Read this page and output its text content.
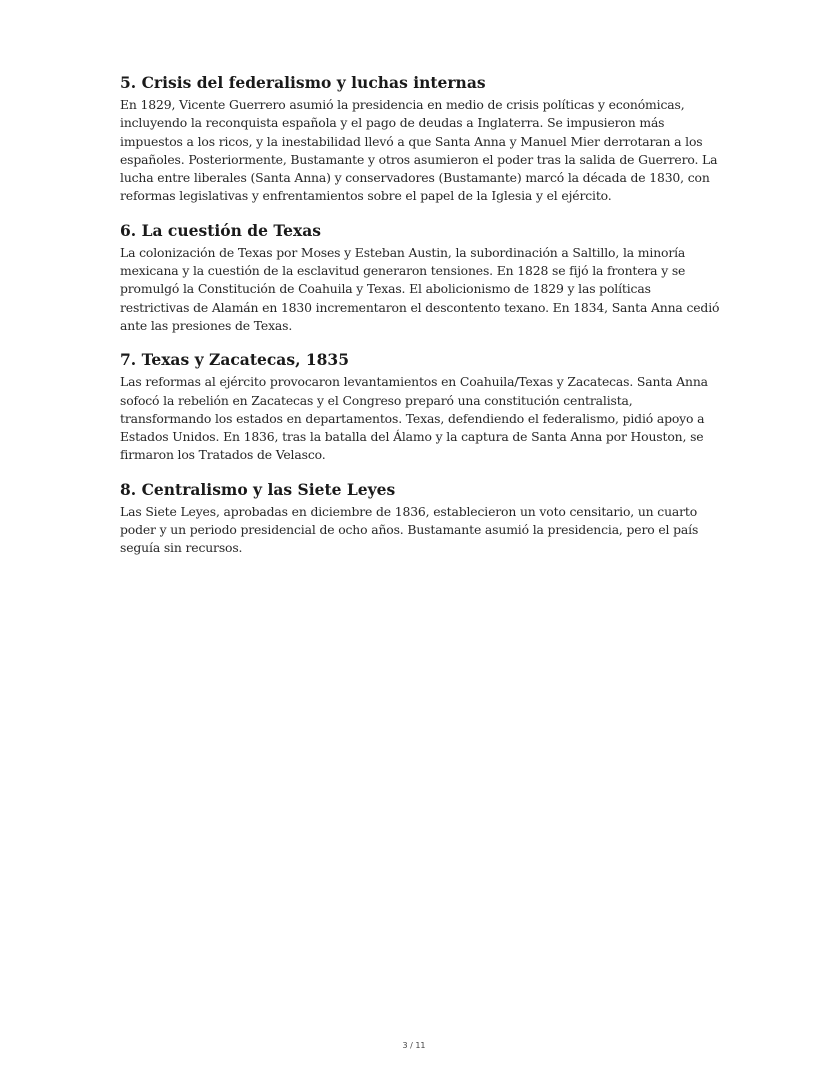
5. Crisis del federalismo y luchas internas

En 1829, Vicente Guerrero asumió la presidencia en medio de crisis políticas y económicas, incluyendo la reconquista española y el pago de deudas a Inglaterra. Se impusieron más impuestos a los ricos, y la inestabilidad llevó a que Santa Anna y Manuel Mier derrotaran a los españoles. Posteriormente, Bustamante y otros asumieron el poder tras la salida de Guerrero. La lucha entre liberales (Santa Anna) y conservadores (Bustamante) marcó la década de 1830, con reformas legislativas y enfrentamientos sobre el papel de la Iglesia y el ejército.

6. La cuestión de Texas

La colonización de Texas por Moses y Esteban Austin, la subordinación a Saltillo, la minoría mexicana y la cuestión de la esclavitud generaron tensiones. En 1828 se fijó la frontera y se promulgó la Constitución de Coahuila y Texas. El abolicionismo de 1829 y las políticas restrictivas de Alamán en 1830 incrementaron el descontento texano. En 1834, Santa Anna cedió ante las presiones de Texas.

7. Texas y Zacatecas, 1835

Las reformas al ejército provocaron levantamientos en Coahuila/Texas y Zacatecas. Santa Anna sofocó la rebelión en Zacatecas y el Congreso preparó una constitución centralista, transformando los estados en departamentos. Texas, defendiendo el federalismo, pidió apoyo a Estados Unidos. En 1836, tras la batalla del Álamo y la captura de Santa Anna por Houston, se firmaron los Tratados de Velasco.

8. Centralismo y las Siete Leyes

Las Siete Leyes, aprobadas en diciembre de 1836, establecieron un voto censitario, un cuarto poder y un periodo presidencial de ocho años. Bustamante asumió la presidencia, pero el país seguía sin recursos.

3 / 11
